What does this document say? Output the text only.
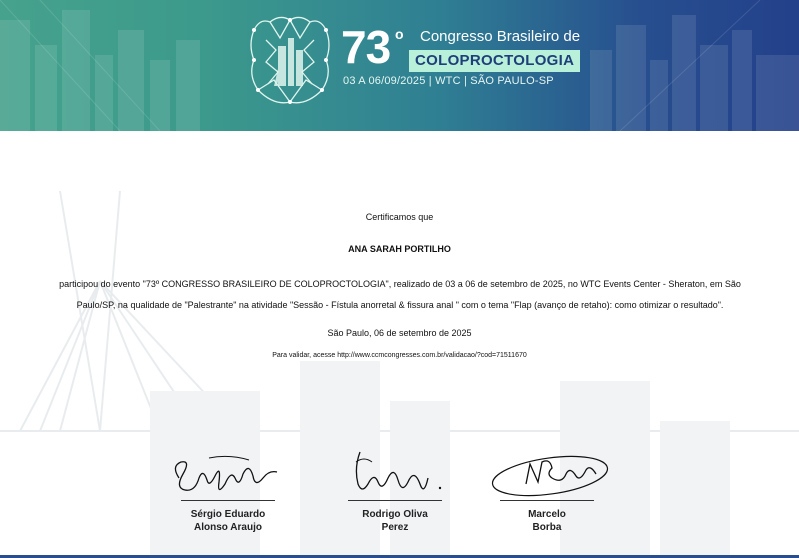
73 o Congresso Brasileiro de
COLOPROCTOLOGIA
03 A 06/09/2025 | WTC | SÃO PAULO-SP
Certificamos que
ANA SARAH PORTILHO
participou do evento "73º CONGRESSO BRASILEIRO DE COLOPROCTOLOGIA", realizado de 03 a 06 de setembro de 2025, no WTC Events Center - Sheraton, em São
Paulo/SP, na qualidade de "Palestrante" na atividade "Sessão - Fístula anorretal & fissura anal " com o tema "Flap (avanço de retaho): como otimizar o resultado".
São Paulo, 06 de setembro de 2025
Para validar, acesse http://www.ccmcongresses.com.br/validacao/?cod=71511670
Sérgio Eduardo
Alonso Araujo
Rodrigo Oliva
Perez
Marcelo
Borba
